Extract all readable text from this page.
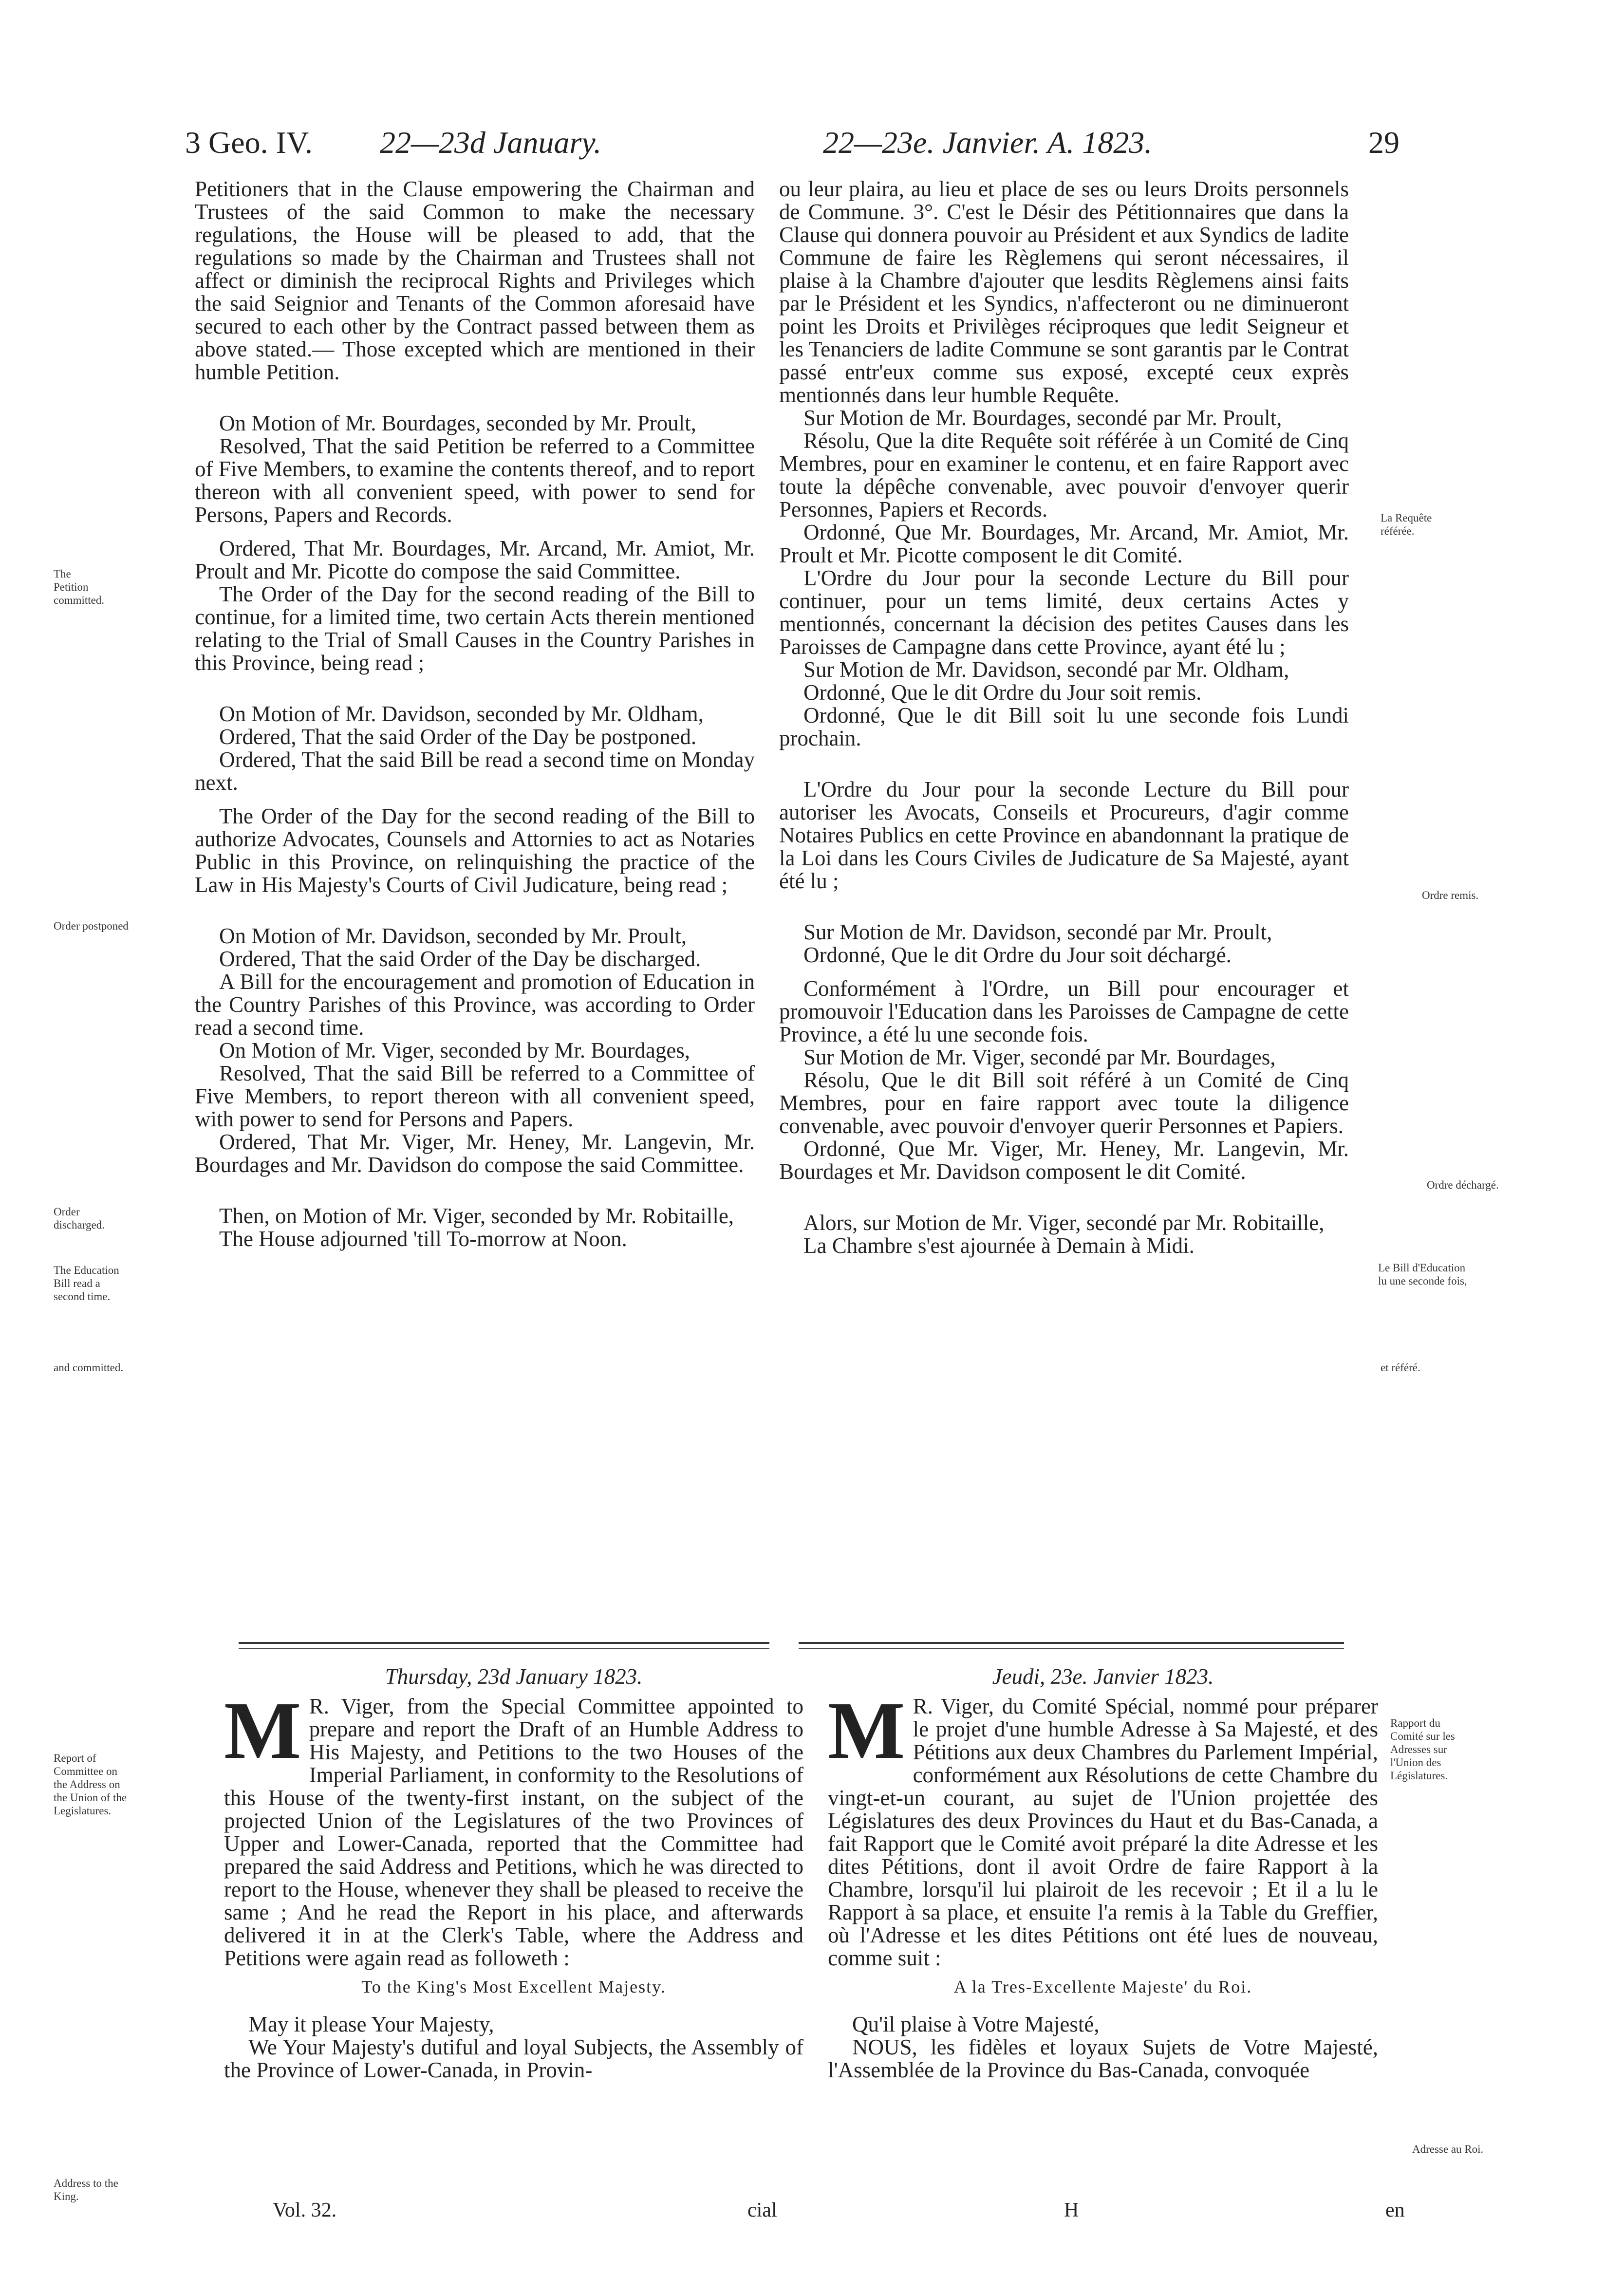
3 Geo. IV. 22—23d January.	22—23e. Janvier. A. 1823.	29

Petitioners that in the Clause empowering the Chairman and Trustees of the said Common to make the necessary regulations, the House will be pleased to add, that the regulations so made by the Chairman and Trustees shall not affect or diminish the reciprocal Rights and Privileges which the said Seignior and Tenants of the Common aforesaid have secured to each other by the Contract passed between them as above stated.— Those excepted which are mentioned in their humble Petition.

On Motion of Mr. Bourdages, seconded by Mr. Proult,

Resolved, That the said Petition be referred to a Committee of Five Members, to examine the contents thereof, and to report thereon with all convenient speed, with power to send for Persons, Papers and Records.

Ordered, That Mr. Bourdages, Mr. Arcand, Mr. Amiot, Mr. Proult and Mr. Picotte do compose the said Committee.

The Order of the Day for the second reading of the Bill to continue, for a limited time, two certain Acts therein mentioned relating to the Trial of Small Causes in the Country Parishes in this Province, being read ;

On Motion of Mr. Davidson, seconded by Mr. Oldham,

Ordered, That the said Order of the Day be postponed.

Ordered, That the said Bill be read a second time on Monday next.

The Order of the Day for the second reading of the Bill to authorize Advocates, Counsels and Attornies to act as Notaries Public in this Province, on relinquishing the practice of the Law in His Majesty's Courts of Civil Judicature, being read ;

On Motion of Mr. Davidson, seconded by Mr. Proult,

Ordered, That the said Order of the Day be discharged.

A Bill for the encouragement and promotion of Education in the Country Parishes of this Province, was according to Order read a second time.

On Motion of Mr. Viger, seconded by Mr. Bourdages,

Resolved, That the said Bill be referred to a Committee of Five Members, to report thereon with all convenient speed, with power to send for Persons and Papers.

Ordered, That Mr. Viger, Mr. Heney, Mr. Langevin, Mr. Bourdages and Mr. Davidson do compose the said Committee.

Then, on Motion of Mr. Viger, seconded by Mr. Robitaille,

The House adjourned 'till To-morrow at Noon.

ou leur plaira, au lieu et place de ses ou leurs Droits personnels de Commune. 3°. C'est le Désir des Pétitionnaires que dans la Clause qui donnera pouvoir au Président et aux Syndics de ladite Commune de faire les Règlemens qui seront nécessaires, il plaise à la Chambre d'ajouter que lesdits Règlemens ainsi faits par le Président et les Syndics, n'affecteront ou ne diminueront point les Droits et Privilèges réciproques que ledit Seigneur et les Tenanciers de ladite Commune se sont garantis par le Contrat passé entr'eux comme sus exposé, excepté ceux exprès mentionnés dans leur humble Requête.

Sur Motion de Mr. Bourdages, secondé par Mr. Proult,

Résolu, Que la dite Requête soit référée à un Comité de Cinq Membres, pour en examiner le contenu, et en faire Rapport avec toute la dépêche convenable, avec pouvoir d'envoyer querir Personnes, Papiers et Records.

Ordonné, Que Mr. Bourdages, Mr. Arcand, Mr. Amiot, Mr. Proult et Mr. Picotte composent le dit Comité.

L'Ordre du Jour pour la seconde Lecture du Bill pour continuer, pour un tems limité, deux certains Actes y mentionnés, concernant la décision des petites Causes dans les Paroisses de Campagne dans cette Province, ayant été lu ;

Sur Motion de Mr. Davidson, secondé par Mr. Oldham,

Ordonné, Que le dit Ordre du Jour soit remis.

Ordonné, Que le dit Bill soit lu une seconde fois Lundi prochain.

L'Ordre du Jour pour la seconde Lecture du Bill pour autoriser les Avocats, Conseils et Procureurs, d'agir comme Notaires Publics en cette Province en abandonnant la pratique de la Loi dans les Cours Civiles de Judicature de Sa Majesté, ayant été lu ;

Sur Motion de Mr. Davidson, secondé par Mr. Proult,

Ordonné, Que le dit Ordre du Jour soit déchargé.

Conformément à l'Ordre, un Bill pour encourager et promouvoir l'Education dans les Paroisses de Campagne de cette Province, a été lu une seconde fois.

Sur Motion de Mr. Viger, secondé par Mr. Bourdages,

Résolu, Que le dit Bill soit référé à un Comité de Cinq Membres, pour en faire rapport avec toute la diligence convenable, avec pouvoir d'envoyer querir Personnes et Papiers.

Ordonné, Que Mr. Viger, Mr. Heney, Mr. Langevin, Mr. Bourdages et Mr. Davidson composent le dit Comité.

Alors, sur Motion de Mr. Viger, secondé par Mr. Robitaille,

La Chambre s'est ajournée à Demain à Midi.

Thursday, 23d January 1823.

M R. Viger, from the Special Committee appointed to prepare and report the Draft of an Humble Address to His Majesty, and Petitions to the two Houses of the Imperial Parliament, in conformity to the Resolutions of this House of the twenty-first instant, on the subject of the projected Union of the Legislatures of the two Provinces of Upper and Lower-Canada, reported that the Committee had prepared the said Address and Petitions, which he was directed to report to the House, whenever they shall be pleased to receive the same ; And he read the Report in his place, and afterwards delivered it in at the Clerk's Table, where the Address and Petitions were again read as followeth :

To the King's Most Excellent Majesty.

May it please Your Majesty,

We Your Majesty's dutiful and loyal Subjects, the Assembly of the Province of Lower-Canada, in Provin-

Jeudi, 23e. Janvier 1823.

M R. Viger, du Comité Spécial, nommé pour préparer le projet d'une humble Adresse à Sa Majesté, et des Pétitions aux deux Chambres du Parlement Impérial, conformément aux Résolutions de cette Chambre du vingt-et-un courant, au sujet de l'Union projettée des Législatures des deux Provinces du Haut et du Bas-Canada, a fait Rapport que le Comité avoit préparé la dite Adresse et les dites Pétitions, dont il avoit Ordre de faire Rapport à la Chambre, lorsqu'il lui plairoit de les recevoir ; Et il a lu le Rapport à sa place, et ensuite l'a remis à la Table du Greffier, où l'Adresse et les dites Pétitions ont été lues de nouveau, comme suit :

A la Tres-Excellente Majeste' du Roi.

Qu'il plaise à Votre Majesté,

NOUS, les fidèles et loyaux Sujets de Votre Majesté, l'Assemblée de la Province du Bas-Canada, convoquée

Vol. 32.	cial	H	en
The Petition committed.
Order postponed
Order discharged.
The Education Bill read a second time.
and committed.
Report of Committee on the Address on the Union of the Legislatures.
Address to the King.
La Requête référée.
Ordre remis.
Ordre déchargé.
Le Bill d'Education lu une seconde fois,
et référé.
Rapport du Comité sur les Adresses sur l'Union des Législatures.
Adresse au Roi.
